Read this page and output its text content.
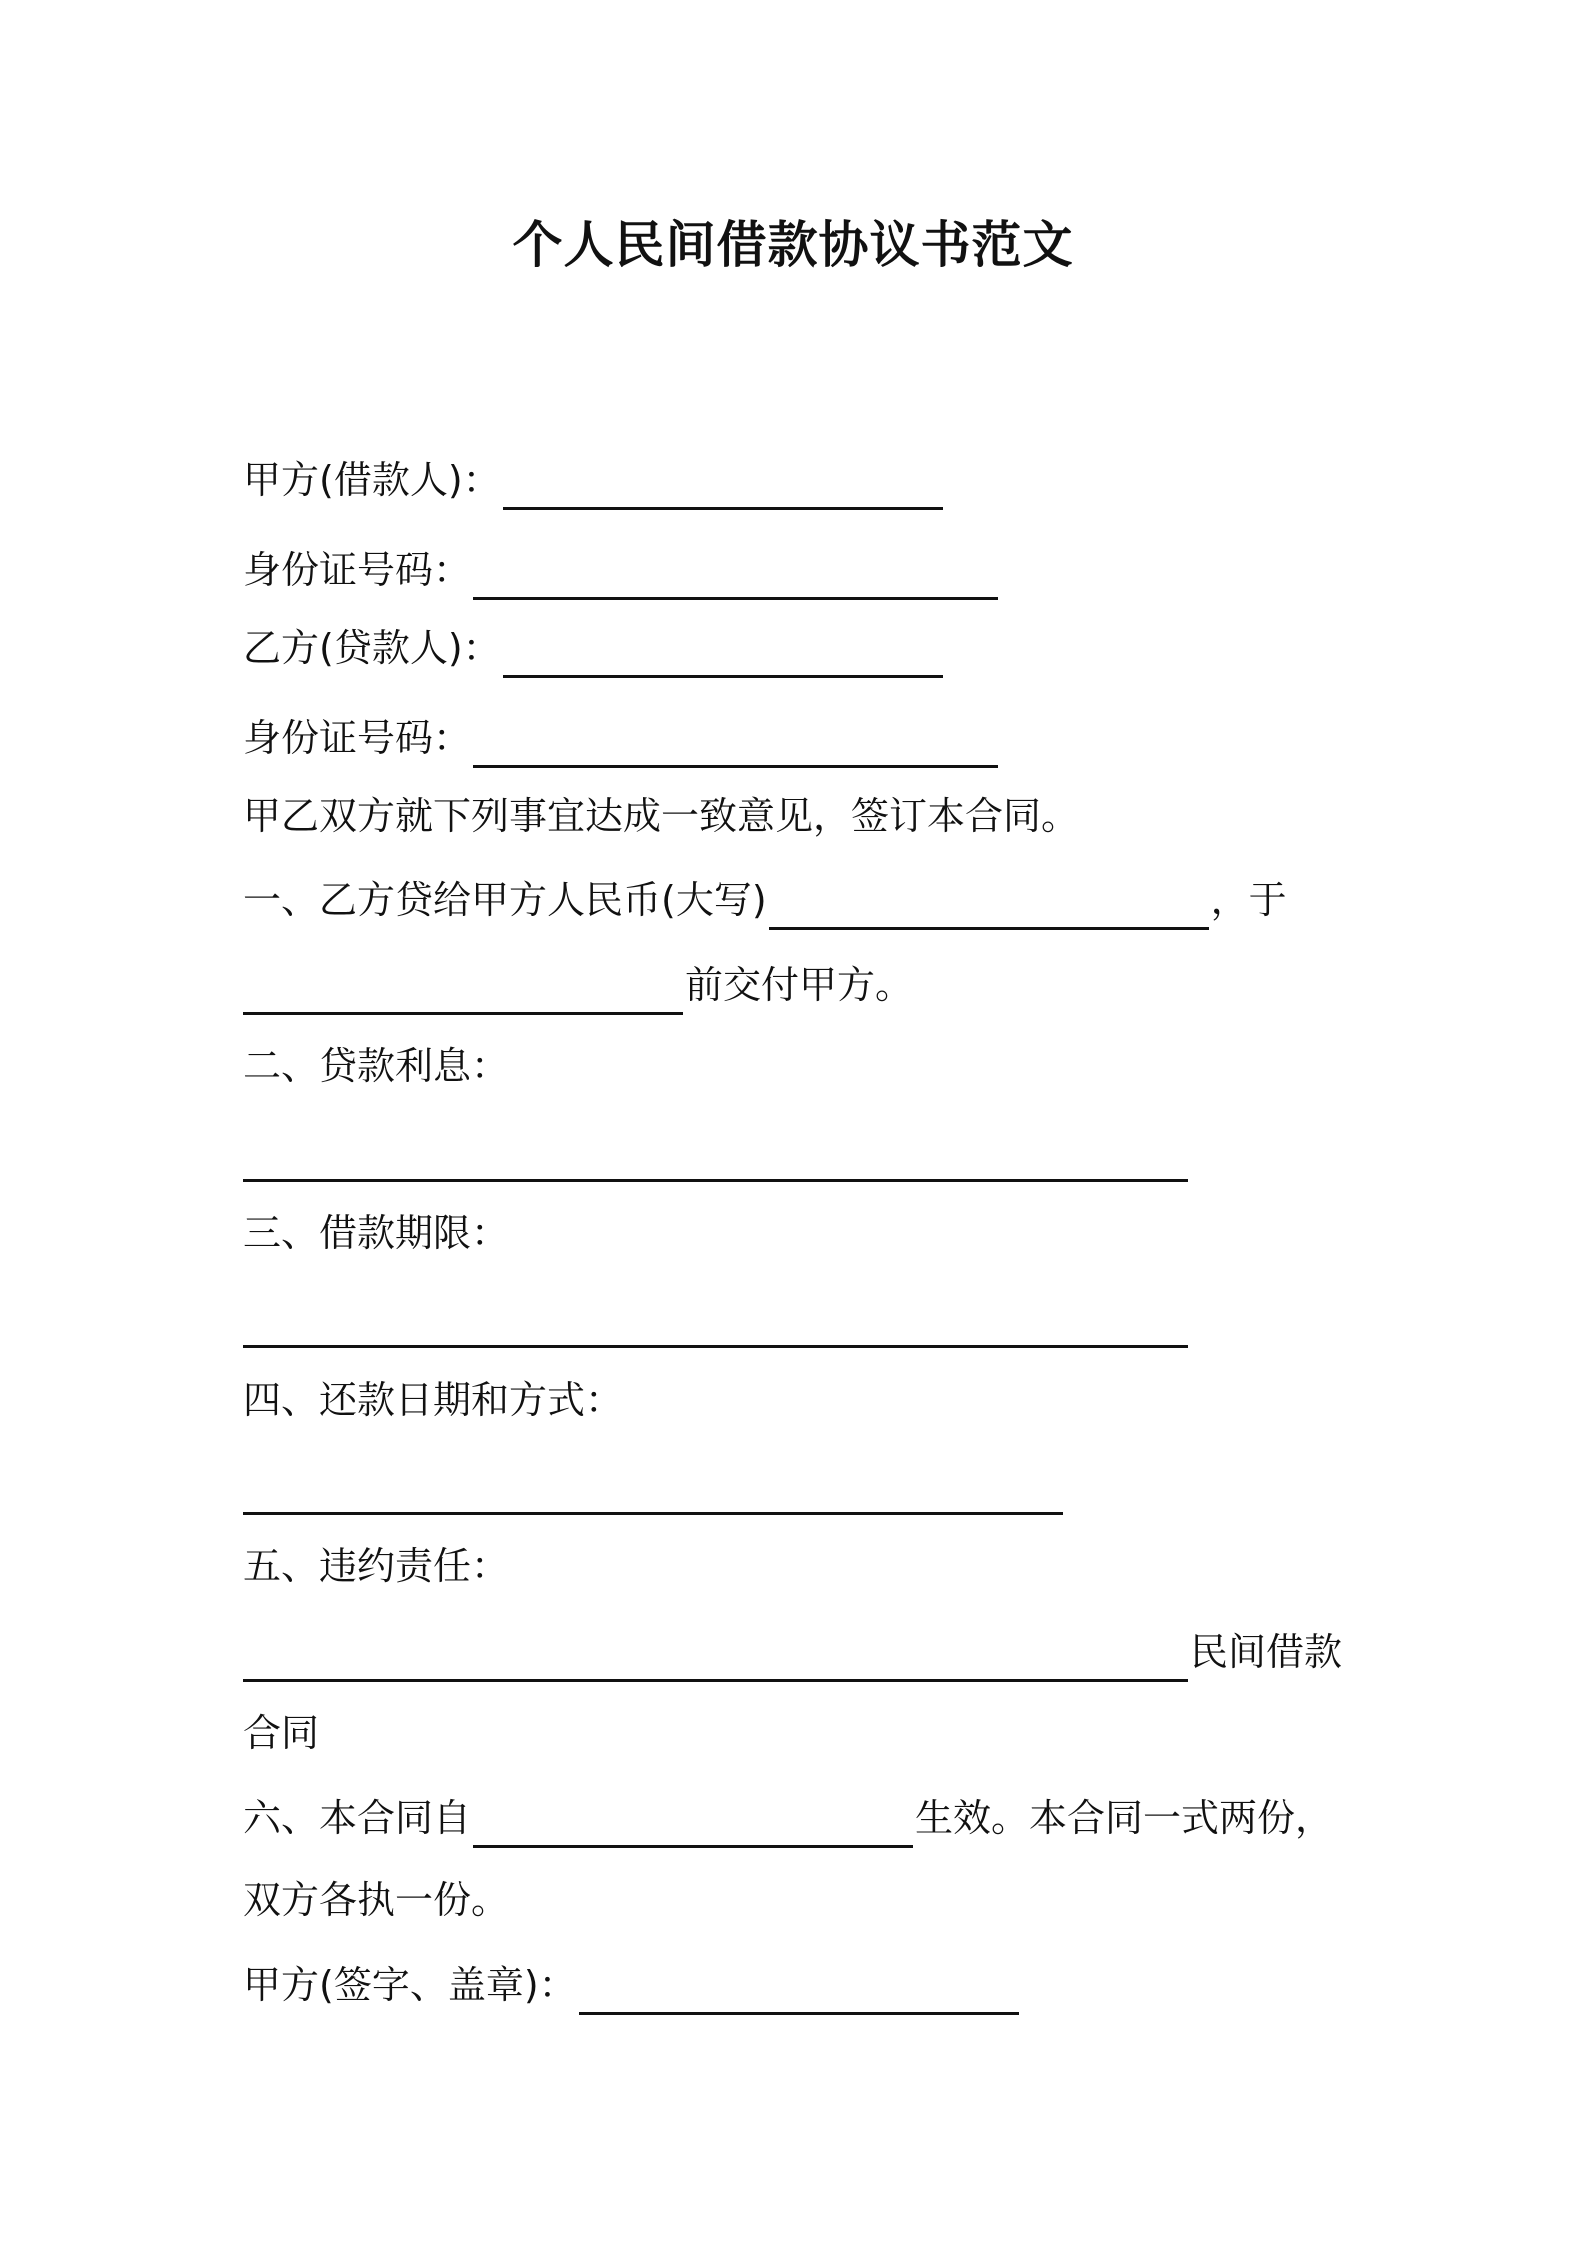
个人民间借款协议书范文
甲方(借款人)：
身份证号码：
乙方(贷款人)：
身份证号码：
甲乙双方就下列事宜达成一致意见，签订本合同。
一、乙方贷给甲方人民币(大写)	，于
前交付甲方。
二、贷款利息：
三、借款期限：
四、还款日期和方式：
五、违约责任：
民间借款
合同
六、本合同自	生效。本合同一式两份，
双方各执一份。
甲方(签字、盖章)：
